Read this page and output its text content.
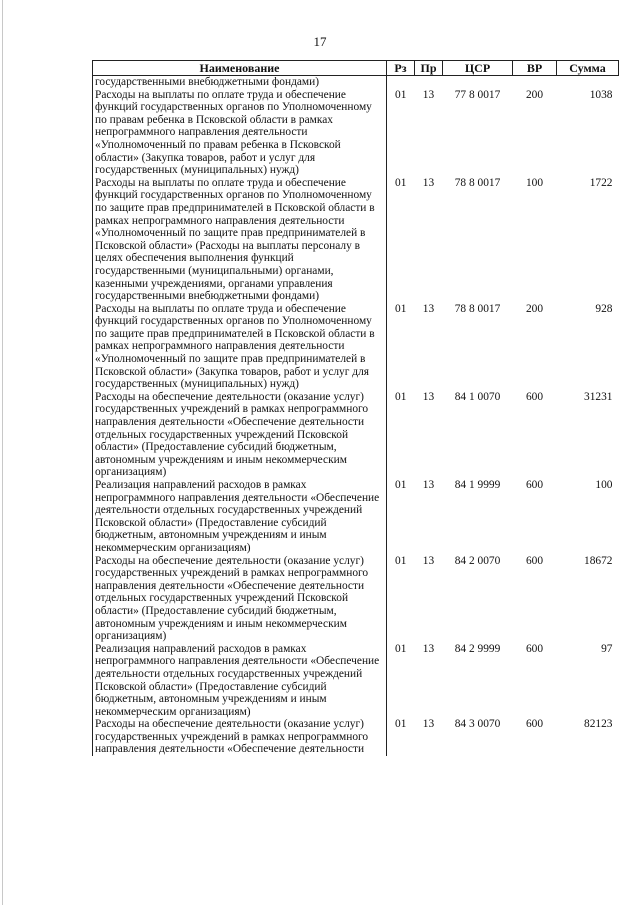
17
Наименование	Рз	Пр	ЦСР	ВР	Сумма
государственными внебюджетными фондами)					
Расходы на выплаты по оплате труда и обеспечение функций государственных органов по Уполномоченному по правам ребенка в Псковской области в рамках непрограммного направления деятельности «Уполномоченный по правам ребенка в Псковской области» (Закупка товаров, работ и услуг для государственных (муниципальных) нужд)	01	13	77 8 0017	200	1038
Расходы на выплаты по оплате труда и обеспечение функций государственных органов по Уполномоченному по защите прав предпринимателей в Псковской области в рамках непрограммного направления деятельности «Уполномоченный по защите прав предпринимателей в Псковской области» (Расходы на выплаты персоналу в целях обеспечения выполнения функций государственными (муниципальными) органами, казенными учреждениями, органами управления государственными внебюджетными фондами)	01	13	78 8 0017	100	1722
Расходы на выплаты по оплате труда и обеспечение функций государственных органов по Уполномоченному по защите прав предпринимателей в Псковской области в рамках непрограммного направления деятельности «Уполномоченный по защите прав предпринимателей в Псковской области» (Закупка товаров, работ и услуг для государственных (муниципальных) нужд)	01	13	78 8 0017	200	928
Расходы на обеспечение деятельности (оказание услуг) государственных учреждений в рамках непрограммного направления деятельности «Обеспечение деятельности отдельных государственных учреждений Псковской области» (Предоставление субсидий бюджетным, автономным учреждениям и иным некоммерческим организациям)	01	13	84 1 0070	600	31231
Реализация направлений расходов в рамках непрограммного направления деятельности «Обеспечение деятельности отдельных государственных учреждений Псковской области» (Предоставление субсидий бюджетным, автономным учреждениям и иным некоммерческим организациям)	01	13	84 1 9999	600	100
Расходы на обеспечение деятельности (оказание услуг) государственных учреждений в рамках непрограммного направления деятельности «Обеспечение деятельности отдельных государственных учреждений Псковской области» (Предоставление субсидий бюджетным, автономным учреждениям и иным некоммерческим организациям)	01	13	84 2 0070	600	18672
Реализация направлений расходов в рамках непрограммного направления деятельности «Обеспечение деятельности отдельных государственных учреждений Псковской области» (Предоставление субсидий бюджетным, автономным учреждениям и иным некоммерческим организациям)	01	13	84 2 9999	600	97
Расходы на обеспечение деятельности (оказание услуг) государственных учреждений в рамках непрограммного направления деятельности «Обеспечение деятельности	01	13	84 3 0070	600	82123
